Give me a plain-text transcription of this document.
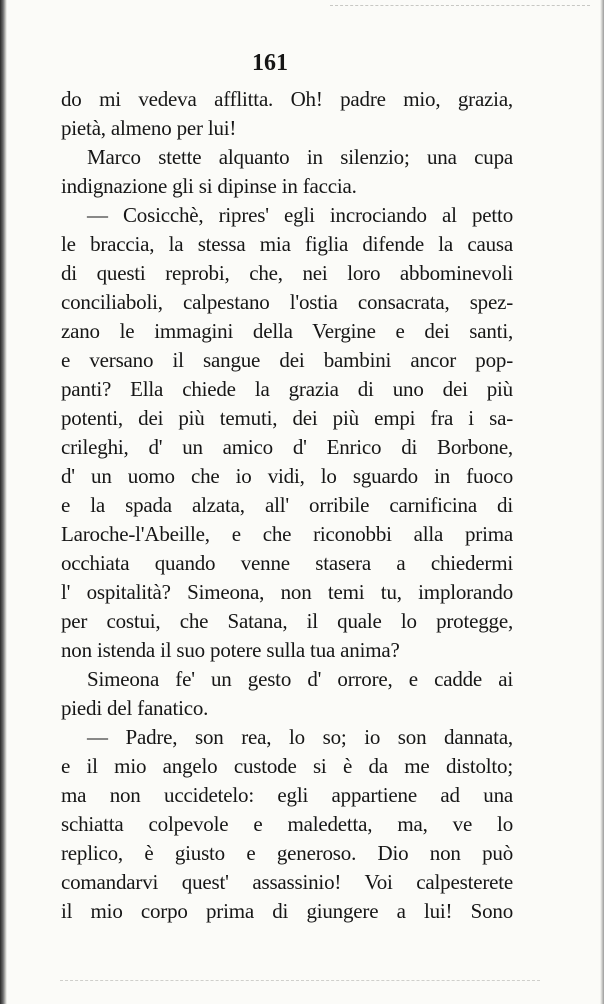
161
do mi vedeva afflitta. Oh! padre mio, grazia,
pietà, almeno per lui!
Marco stette alquanto in silenzio; una cupa
indignazione gli si dipinse in faccia.
— Cosicchè, ripres' egli incrociando al petto
le braccia, la stessa mia figlia difende la causa
di questi reprobi, che, nei loro abbominevoli
conciliaboli, calpestano l'ostia consacrata, spez-
zano le immagini della Vergine e dei santi,
e versano il sangue dei bambini ancor pop-
panti? Ella chiede la grazia di uno dei più
potenti, dei più temuti, dei più empi fra i sa-
crileghi, d' un amico d' Enrico di Borbone,
d' un uomo che io vidi, lo sguardo in fuoco
e la spada alzata, all' orribile carnificina di
Laroche-l'Abeille, e che riconobbi alla prima
occhiata quando venne stasera a chiedermi
l' ospitalità? Simeona, non temi tu, implorando
per costui, che Satana, il quale lo protegge,
non istenda il suo potere sulla tua anima?
Simeona fe' un gesto d' orrore, e cadde ai
piedi del fanatico.
— Padre, son rea, lo so; io son dannata,
e il mio angelo custode si è da me distolto;
ma non uccidetelo: egli appartiene ad una
schiatta colpevole e maledetta, ma, ve lo
replico, è giusto e generoso. Dio non può
comandarvi quest' assassinio! Voi calpesterete
il mio corpo prima di giungere a lui! Sono
